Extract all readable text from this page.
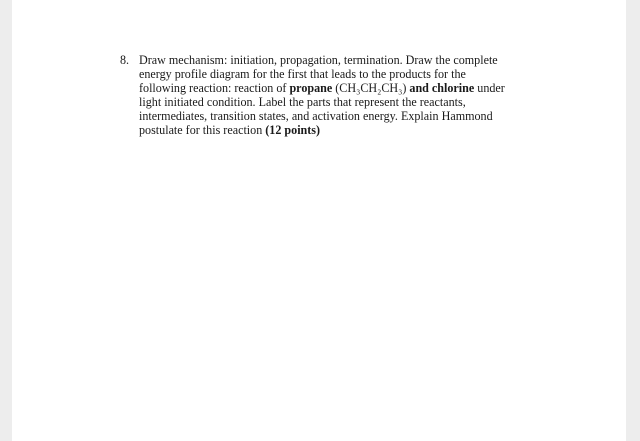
8. Draw mechanism: initiation, propagation, termination. Draw the complete
energy profile diagram for the first that leads to the products for the
following reaction: reaction of propane (CH₃CH₂CH₃) and chlorine under
light initiated condition. Label the parts that represent the reactants,
intermediates, transition states, and activation energy. Explain Hammond
postulate for this reaction (12 points)
